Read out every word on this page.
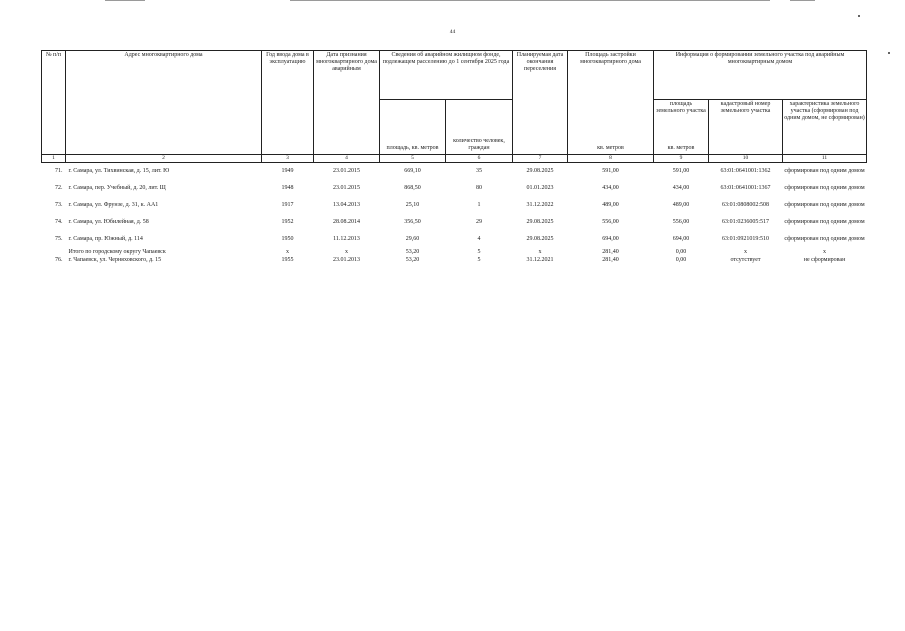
44
№ п/п	Адрес многоквартирного дома	Год ввода дома в эксплуатацию	Дата признания многоквартирного дома аварийным	Сведения об аварийном жилищном фонде, подлежащем расселению до 1 сентября 2025 года		Планируемая дата окончания переселения	Площадь застройки многоквартирного дома	Информация о формировании земельного участка под аварийным многоквартирным домом		
				площадь, кв. метров	количество человек, граждан			площадь земельного участка	кадастровый номер земельного участка	характеристика земельного участка (сформирован под одним домом, не сформирован)
							кв. метров	кв. метров		
1	2	3	4	5	6	7	8	9	10	11
71.	г. Самара, ул. Тихвинская, д. 15, лит. Ю	1949	23.01.2015	669,10	35	29.08.2025	591,00	591,00	63:01:0641001:1362	сформирован под одним домом
72.	г. Самара, пер. Учебный, д. 20, лит. Щ	1948	23.01.2015	868,50	80	01.01.2023	434,00	434,00	63:01:0641001:1367	сформирован под одним домом
73.	г. Самара, ул. Фрунзе, д. 31, к. АА1	1917	13.04.2013	25,10	1	31.12.2022	489,00	489,00	63:01:0808002:508	сформирован под одним домом
74.	г. Самара, ул. Юбилейная, д. 58	1952	28.08.2014	356,50	29	29.08.2025	556,00	556,00	63:01:0236005:517	сформирован под одним домом
75.	г. Самара, пр. Южный, д. 114	1950	11.12.2013	29,60	4	29.08.2025	694,00	694,00	63:01:0921019:510	сформирован под одним домом
	Итого по городскому округу Чапаевск	х	х	53,20	5	х	281,40	0,00	х	х
76.	г. Чапаевск, ул. Черняховского, д. 15	1955	23.01.2013	53,20	5	31.12.2021	281,40	0,00	отсутствует	не сформирован
